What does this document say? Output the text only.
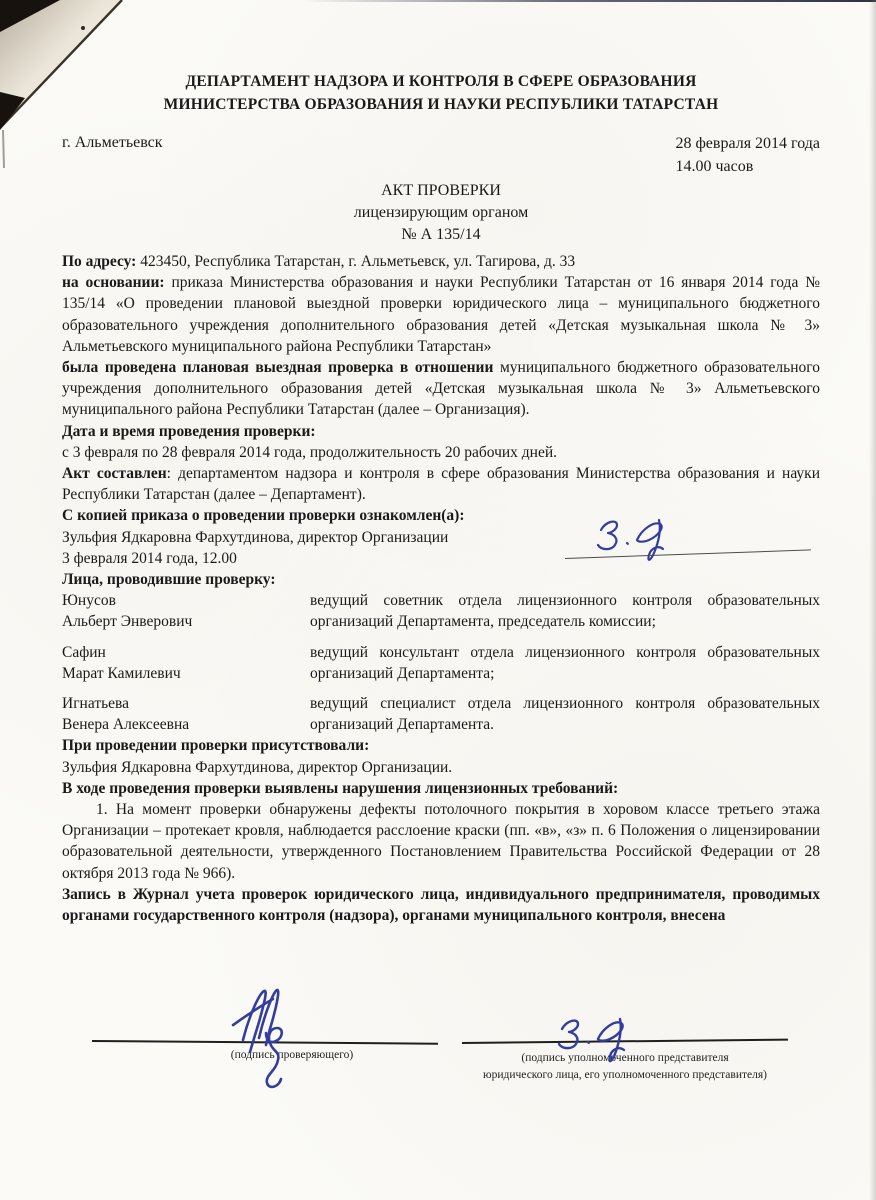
ДЕПАРТАМЕНТ НАДЗОРА И КОНТРОЛЯ В СФЕРЕ ОБРАЗОВАНИЯ
МИНИСТЕРСТВА ОБРАЗОВАНИЯ И НАУКИ РЕСПУБЛИКИ ТАТАРСТАН
г. Альметьевск	28 февраля 2014 года
14.00 часов
АКТ ПРОВЕРКИ
лицензирующим органом
№ А 135/14

По адресу: 423450, Республика Татарстан, г. Альметьевск, ул. Тагирова, д. 33

на основании: приказа Министерства образования и науки Республики Татарстан от 16 января 2014 года № 135/14 «О проведении плановой выездной проверки юридического лица – муниципального бюджетного образовательного учреждения дополнительного образования детей «Детская музыкальная школа № 3» Альметьевского муниципального района Республики Татарстан»

была проведена плановая выездная проверка в отношении муниципального бюджетного образовательного учреждения дополнительного образования детей «Детская музыкальная школа № 3» Альметьевского муниципального района Республики Татарстан (далее – Организация).

Дата и время проведения проверки:

с 3 февраля по 28 февраля 2014 года, продолжительность 20 рабочих дней.

Акт составлен: департаментом надзора и контроля в сфере образования Министерства образования и науки Республики Татарстан (далее – Департамент).

С копией приказа о проведении проверки ознакомлен(а):

Зульфия Ядкаровна Фархутдинова, директор Организации

3 февраля 2014 года, 12.00

Лица, проводившие проверку:

Юнусов
Альберт Энверович
ведущий советник отдела лицензионного контроля образовательных организаций Департамента, председатель комиссии;
Сафин
Марат Камилевич
ведущий консультант отдела лицензионного контроля образовательных организаций Департамента;
Игнатьева
Венера Алексеевна
ведущий специалист отдела лицензионного контроля образовательных организаций Департамента.

При проведении проверки присутствовали:

Зульфия Ядкаровна Фархутдинова, директор Организации.

В ходе проведения проверки выявлены нарушения лицензионных требований:

1. На момент проверки обнаружены дефекты потолочного покрытия в хоровом классе третьего этажа Организации – протекает кровля, наблюдается расслоение краски (пп. «в», «з» п. 6 Положения о лицензировании образовательной деятельности, утвержденного Постановлением Правительства Российской Федерации от 28 октября 2013 года № 966).

Запись в Журнал учета проверок юридического лица, индивидуального предпринимателя, проводимых органами государственного контроля (надзора), органами муниципального контроля, внесена

(подпись проверяющего)	(подпись уполномоченного представителя
юридического лица, его уполномоченного представителя)
